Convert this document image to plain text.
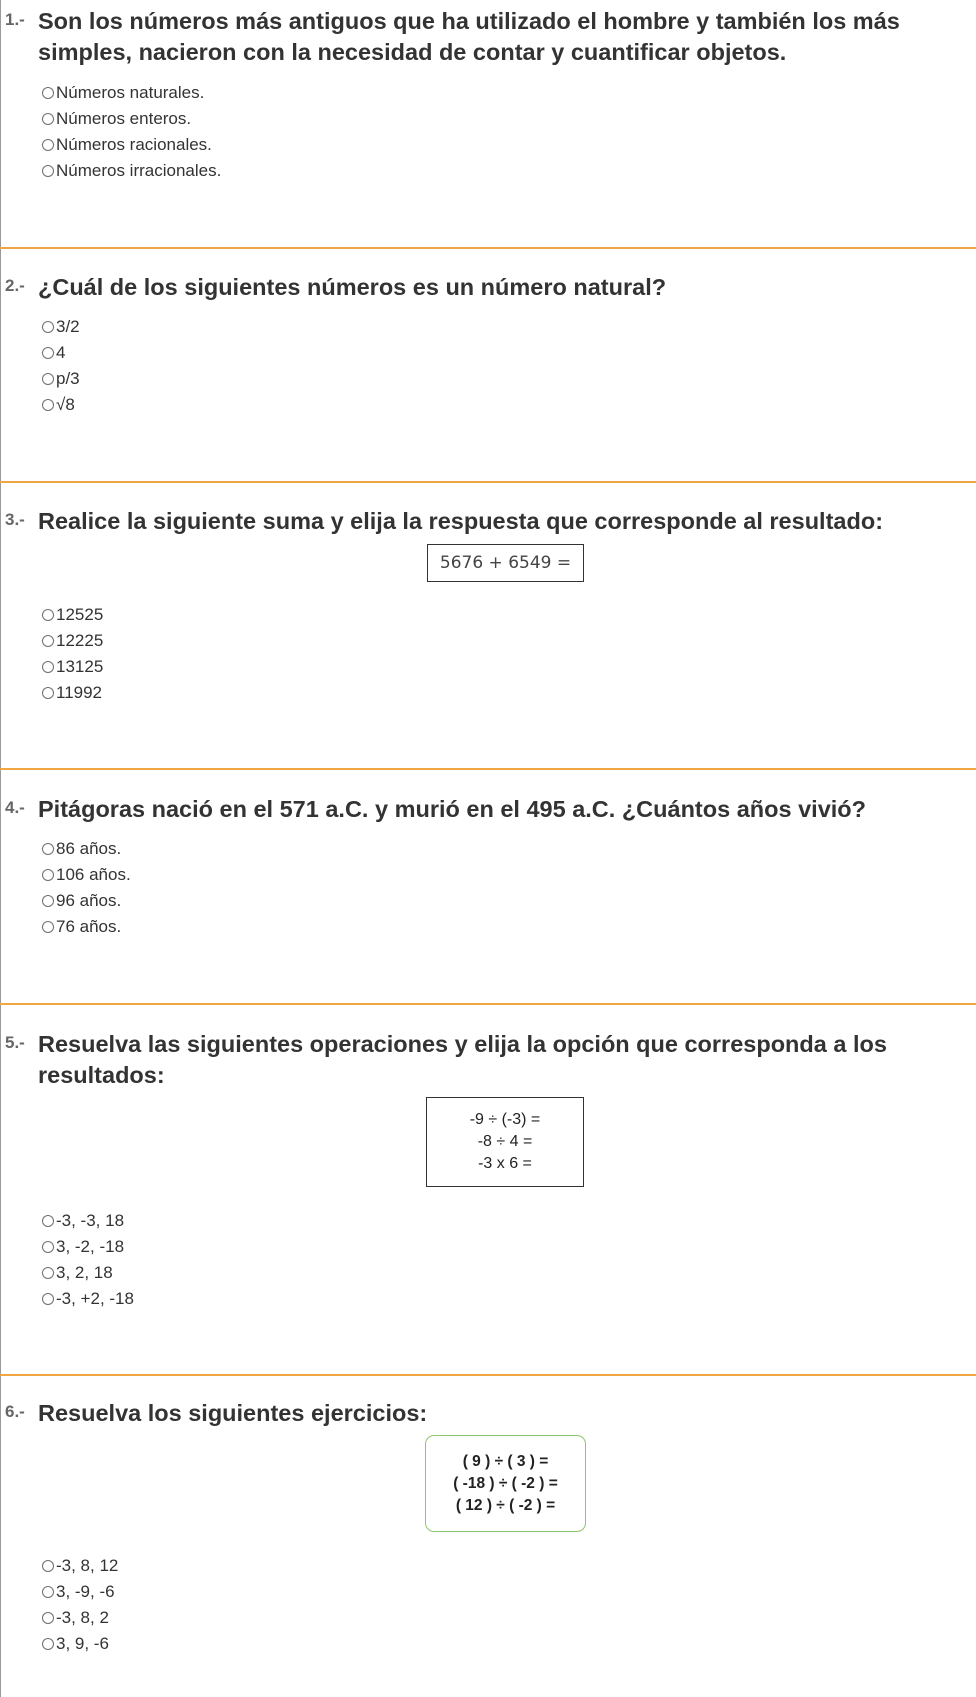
1.- Son los números más antiguos que ha utilizado el hombre y también los más simples, nacieron con la necesidad de contar y cuantificar objetos.

Números naturales.
Números enteros.
Números racionales.
Números irracionales.
2.- ¿Cuál de los siguientes números es un número natural?

3/2
4
p/3
√8
3.- Realice la siguiente suma y elija la respuesta que corresponde al resultado:

5676 + 6549 =
12525
12225
13125
11992
4.- Pitágoras nació en el 571 a.C. y murió en el 495 a.C. ¿Cuántos años vivió?

86 años.
106 años.
96 años.
76 años.
5.- Resuelva las siguientes operaciones y elija la opción que corresponda a los resultados:

-9 ÷ (-3) =
-8 ÷ 4 =
-3 x 6 =
-3, -3, 18
3, -2, -18
3, 2, 18
-3, +2, -18
6.- Resuelva los siguientes ejercicios:

( 9 ) ÷ ( 3 ) =
( -18 ) ÷ ( -2 ) =
( 12 ) ÷ ( -2 ) =
-3, 8, 12
3, -9, -6
-3, 8, 2
3, 9, -6
